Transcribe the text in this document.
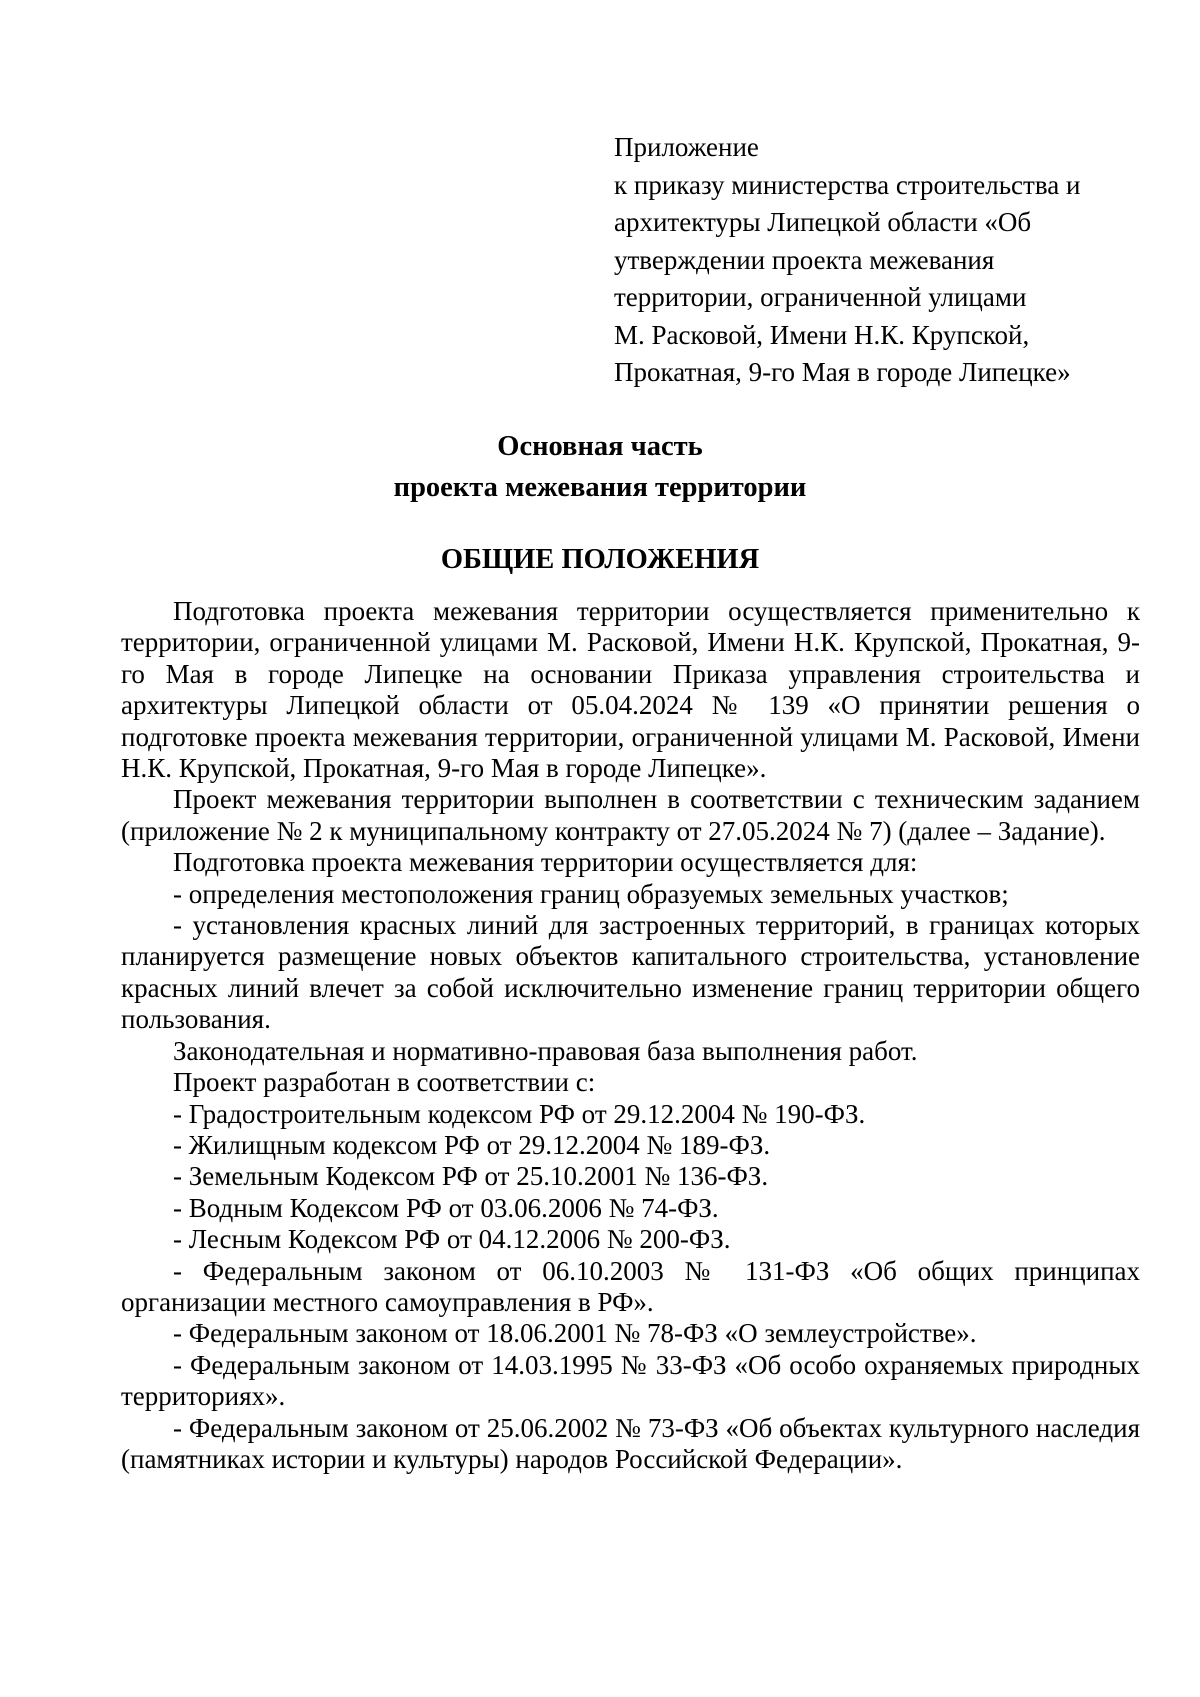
Приложение
к приказу министерства строительства и
архитектуры Липецкой области «Об
утверждении проекта межевания
территории, ограниченной улицами
М. Расковой, Имени Н.К. Крупской,
Прокатная, 9-го Мая в городе Липецке»
Основная часть
проекта межевания территории
ОБЩИЕ ПОЛОЖЕНИЯ

Подготовка проекта межевания территории осуществляется применительно к территории, ограниченной улицами М. Расковой, Имени Н.К. Крупской, Прокатная, 9-го Мая в городе Липецке на основании Приказа управления строительства и архитектуры Липецкой области от 05.04.2024 № 139 «О принятии решения о подготовке проекта межевания территории, ограниченной улицами М. Расковой, Имени Н.К. Крупской, Прокатная, 9-го Мая в городе Липецке».

Проект межевания территории выполнен в соответствии с техническим заданием (приложение № 2 к муниципальному контракту от 27.05.2024 № 7) (далее – Задание).

Подготовка проекта межевания территории осуществляется для:

- определения местоположения границ образуемых земельных участков;

- установления красных линий для застроенных территорий, в границах которых планируется размещение новых объектов капитального строительства, установление красных линий влечет за собой исключительно изменение границ территории общего пользования.

Законодательная и нормативно-правовая база выполнения работ.

Проект разработан в соответствии с:

- Градостроительным кодексом РФ от 29.12.2004 № 190-ФЗ.

- Жилищным кодексом РФ от 29.12.2004 № 189-ФЗ.

- Земельным Кодексом РФ от 25.10.2001 № 136-ФЗ.

- Водным Кодексом РФ от 03.06.2006 № 74-ФЗ.

- Лесным Кодексом РФ от 04.12.2006 № 200-ФЗ.

- Федеральным законом от 06.10.2003 № 131-ФЗ «Об общих принципах организации местного самоуправления в РФ».

- Федеральным законом от 18.06.2001 № 78-ФЗ «О землеустройстве».

- Федеральным законом от 14.03.1995 № 33-ФЗ «Об особо охраняемых природных территориях».

- Федеральным законом от 25.06.2002 № 73-ФЗ «Об объектах культурного наследия (памятниках истории и культуры) народов Российской Федерации».
